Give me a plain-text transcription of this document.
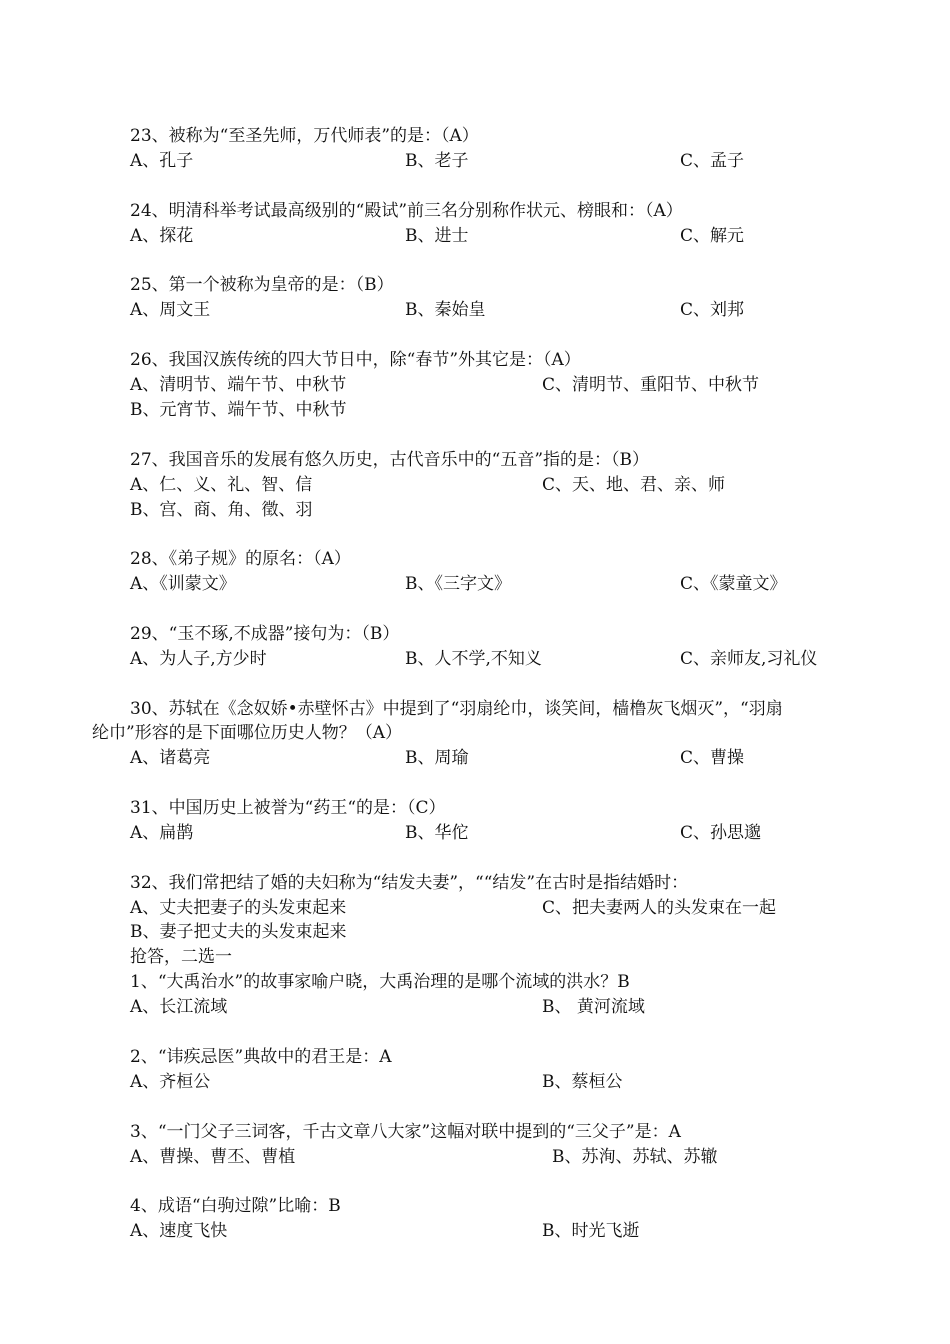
23、被称为“至圣先师，万代师表”的是：（A）
A、孔子	B、老子	C、孟子
24、明清科举考试最高级别的“殿试”前三名分别称作状元、榜眼和：（A）
A、探花	B、进士	C、解元
25、第一个被称为皇帝的是：（B）
A、周文王	B、秦始皇	C、刘邦
26、我国汉族传统的四大节日中，除“春节”外其它是：（A）
A、清明节、端午节、中秋节	C、清明节、重阳节、中秋节
B、元宵节、端午节、中秋节
27、我国音乐的发展有悠久历史，古代音乐中的“五音”指的是：（B）
A、仁、义、礼、智、信	C、天、地、君、亲、师
B、宫、商、角、徵、羽
28、《弟子规》的原名：（A）
A、《训蒙文》	B、《三字文》	C、《蒙童文》
29、“玉不琢,不成器”接句为：（B）
A、为人子,方少时	B、人不学,不知义	C、亲师友,习礼仪
30、苏轼在《念奴娇•赤壁怀古》中提到了“羽扇纶巾，谈笑间，樯橹灰飞烟灭”，“羽扇
纶巾”形容的是下面哪位历史人物？（A）
A、诸葛亮	B、周瑜	C、曹操
31、中国历史上被誉为“药王“的是：（C）
A、扁鹊	B、华佗	C、孙思邈
32、我们常把结了婚的夫妇称为“结发夫妻”，““结发”在古时是指结婚时：
A、丈夫把妻子的头发束起来	C、把夫妻两人的头发束在一起
B、妻子把丈夫的头发束起来
抢答，二选一
1、“大禹治水”的故事家喻户晓，大禹治理的是哪个流域的洪水？B
A、长江流域	B、 黄河流域
2、“讳疾忌医”典故中的君王是：A
A、齐桓公	B、蔡桓公
3、“一门父子三词客，千古文章八大家”这幅对联中提到的“三父子”是：A
A、曹操、曹丕、曹植	B、苏洵、苏轼、苏辙
4、成语“白驹过隙”比喻：B
A、速度飞快	B、时光飞逝
